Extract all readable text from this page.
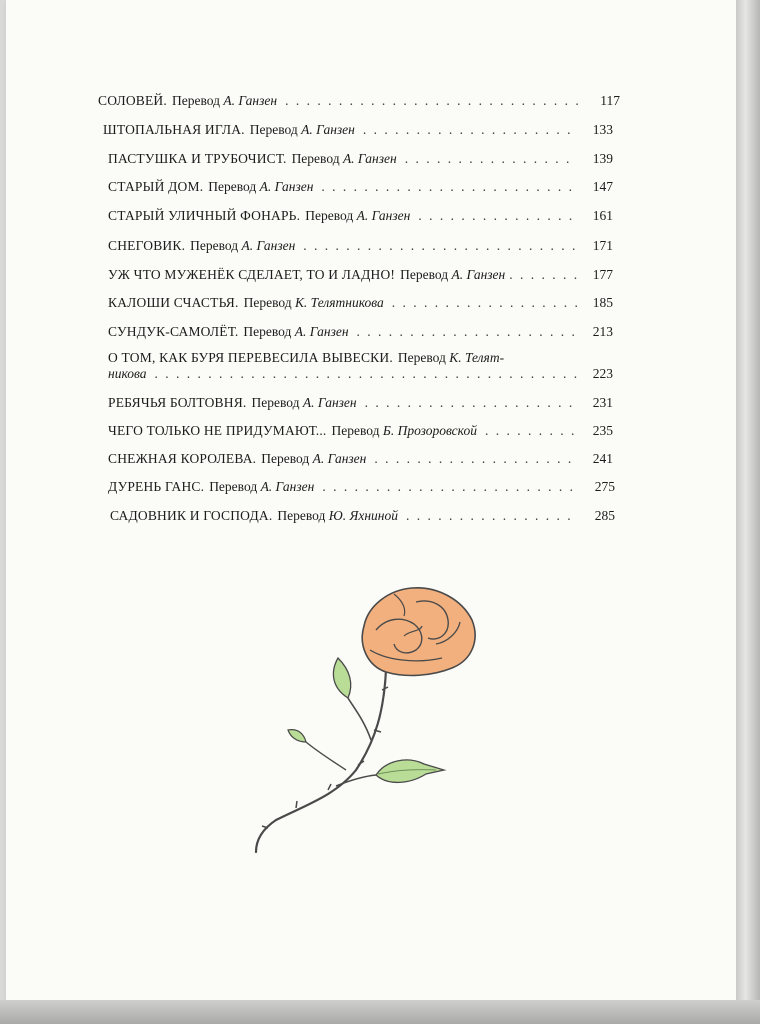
СОЛОВЕЙ. Перевод А. Ганзен . . .	117
ШТОПАЛЬНАЯ ИГЛА. Перевод А. Ганзен . . .	133
ПАСТУШКА И ТРУБОЧИСТ. Перевод А. Ганзен . . .	139
СТАРЫЙ ДОМ. Перевод А. Ганзен . . .	147
СТАРЫЙ УЛИЧНЫЙ ФОНАРЬ. Перевод А. Ганзен . . .	161
СНЕГОВИК. Перевод А. Ганзен . . .	171
УЖ ЧТО МУЖЕНЁК СДЕЛАЕТ, ТО И ЛАДНО! Перевод А. Ганзен . . .	177
КАЛОШИ СЧАСТЬЯ. Перевод К. Телятникова . . .	185
СУНДУК-САМОЛЁТ. Перевод А. Ганзен . . .	213
О ТОМ, КАК БУРЯ ПЕРЕВЕСИЛА ВЫВЕСКИ. Перевод К. Телят-
никова . . .	223
РЕБЯЧЬЯ БОЛТОВНЯ. Перевод А. Ганзен . . .	231
ЧЕГО ТОЛЬКО НЕ ПРИДУМАЮТ... Перевод Б. Прозоровской . . .	235
СНЕЖНАЯ КОРОЛЕВА. Перевод А. Ганзен . . .	241
ДУРЕНЬ ГАНС. Перевод А. Ганзен . . .	275
САДОВНИК И ГОСПОДА. Перевод Ю. Яхниной . . .	285
